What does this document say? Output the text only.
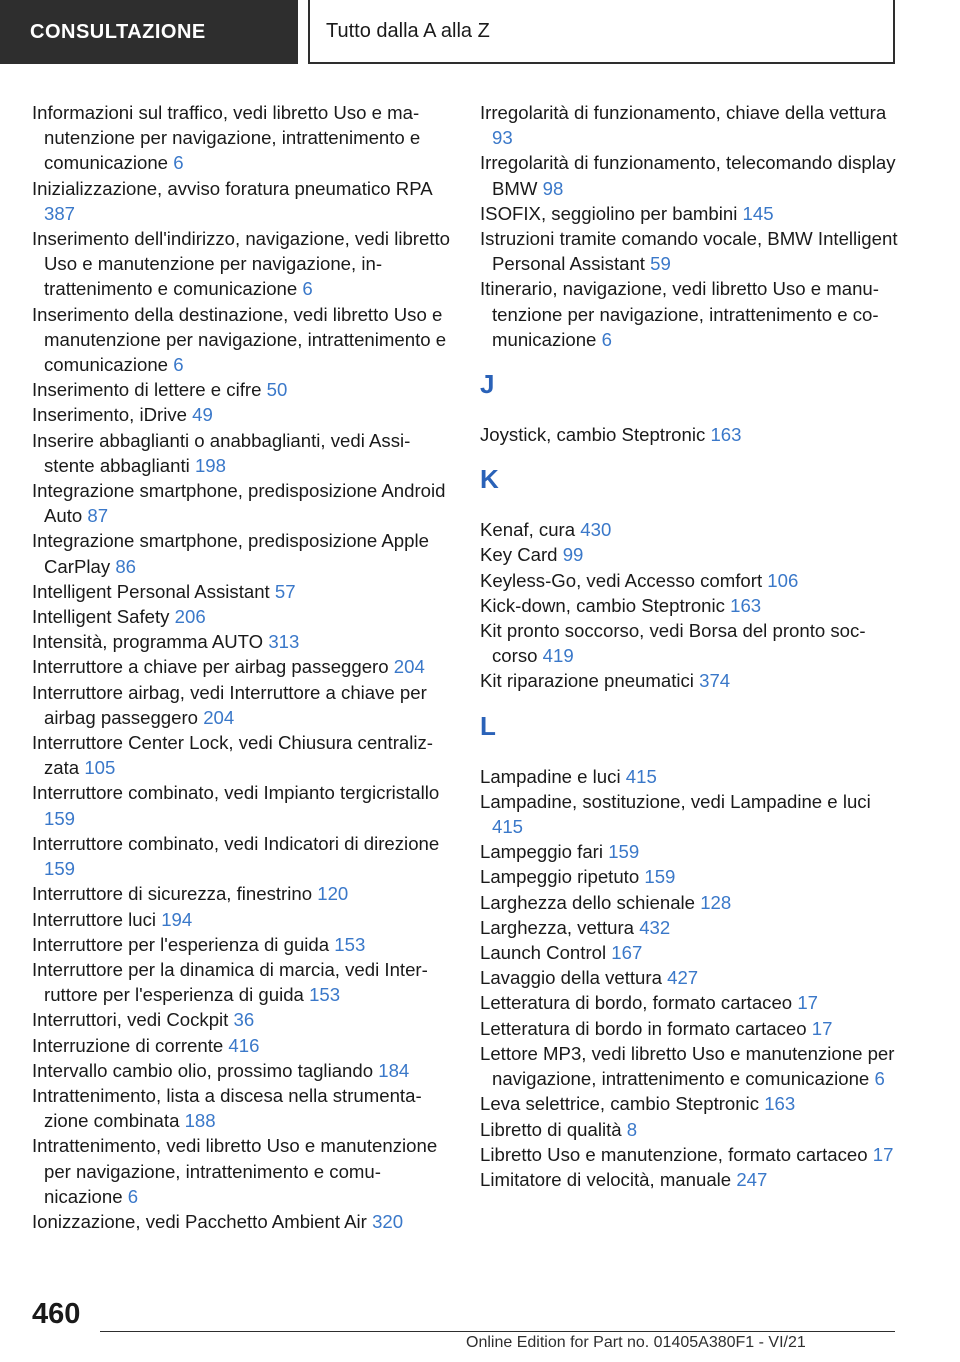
CONSULTAZIONE	Tutto dalla A alla Z
Informazioni sul traffico, vedi libretto Uso e manutenzione per navigazione, intrattenimento e comunicazione 6
Inizializzazione, avviso foratura pneumatico RPA 387
Inserimento dell'indirizzo, navigazione, vedi libretto Uso e manutenzione per navigazione, intrattenimento e comunicazione 6
Inserimento della destinazione, vedi libretto Uso e manutenzione per navigazione, intrattenimento e comunicazione 6
Inserimento di lettere e cifre 50
Inserimento, iDrive 49
Inserire abbaglianti o anabbaglianti, vedi Assistente abbaglianti 198
Integrazione smartphone, predisposizione Android Auto 87
Integrazione smartphone, predisposizione Apple CarPlay 86
Intelligent Personal Assistant 57
Intelligent Safety 206
Intensità, programma AUTO 313
Interruttore a chiave per airbag passeggero 204
Interruttore airbag, vedi Interruttore a chiave per airbag passeggero 204
Interruttore Center Lock, vedi Chiusura centralizzata 105
Interruttore combinato, vedi Impianto tergicristallo 159
Interruttore combinato, vedi Indicatori di direzione 159
Interruttore di sicurezza, finestrino 120
Interruttore luci 194
Interruttore per l'esperienza di guida 153
Interruttore per la dinamica di marcia, vedi Interruttore per l'esperienza di guida 153
Interruttori, vedi Cockpit 36
Interruzione di corrente 416
Intervallo cambio olio, prossimo tagliando 184
Intrattenimento, lista a discesa nella strumentazione combinata 188
Intrattenimento, vedi libretto Uso e manutenzione per navigazione, intrattenimento e comunicazione 6
Ionizzazione, vedi Pacchetto Ambient Air 320
Irregolarità di funzionamento, chiave della vettura 93
Irregolarità di funzionamento, telecomando display BMW 98
ISOFIX, seggiolino per bambini 145
Istruzioni tramite comando vocale, BMW Intelligent Personal Assistant 59
Itinerario, navigazione, vedi libretto Uso e manutenzione per navigazione, intrattenimento e comunicazione 6
J
Joystick, cambio Steptronic 163
K
Kenaf, cura 430
Key Card 99
Keyless-Go, vedi Accesso comfort 106
Kick-down, cambio Steptronic 163
Kit pronto soccorso, vedi Borsa del pronto soccorso 419
Kit riparazione pneumatici 374
L
Lampadine e luci 415
Lampadine, sostituzione, vedi Lampadine e luci 415
Lampeggio fari 159
Lampeggio ripetuto 159
Larghezza dello schienale 128
Larghezza, vettura 432
Launch Control 167
Lavaggio della vettura 427
Letteratura di bordo, formato cartaceo 17
Letteratura di bordo in formato cartaceo 17
Lettore MP3, vedi libretto Uso e manutenzione per navigazione, intrattenimento e comunicazione 6
Leva selettrice, cambio Steptronic 163
Libretto di qualità 8
Libretto Uso e manutenzione, formato cartaceo 17
Limitatore di velocità, manuale 247
460
Online Edition for Part no. 01405A380F1 - VI/21
